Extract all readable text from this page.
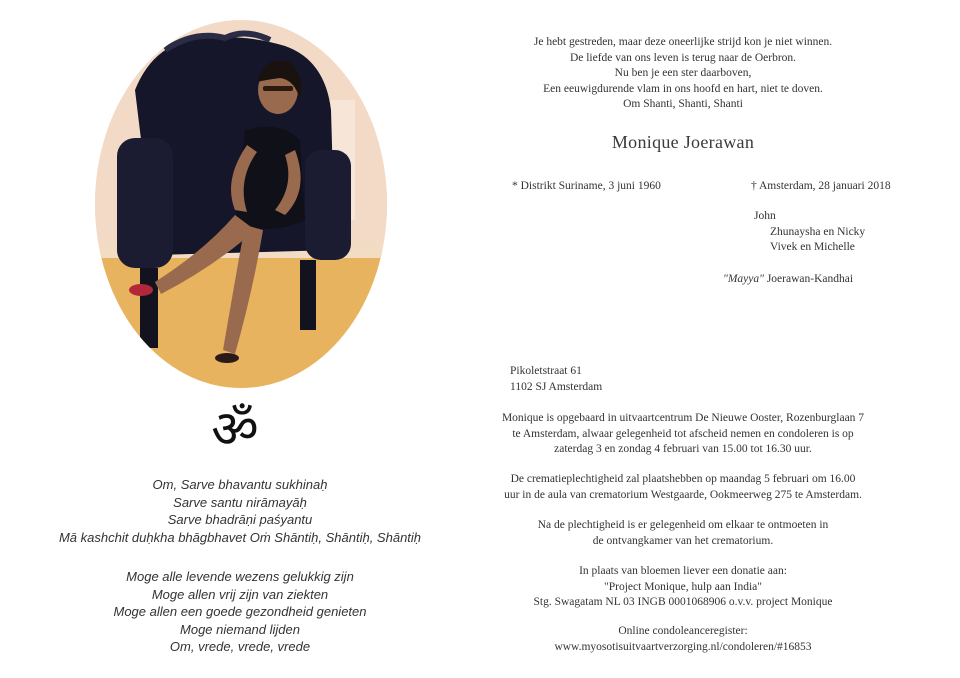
ॐ
Om, Sarve bhavantu sukhinaḥ
Sarve santu nirāmayāḥ
Sarve bhadrāṇi paśyantu
Mā kashchit duḥkha bhāgbhavet Oṁ Shāntiḥ, Shāntiḥ, Shāntiḥ
Moge alle levende wezens gelukkig zijn
Moge allen vrij zijn van ziekten
Moge allen een goede gezondheid genieten
Moge niemand lijden
Om, vrede, vrede, vrede
Je hebt gestreden, maar deze oneerlijke strijd kon je niet winnen.
De liefde van ons leven is terug naar de Oerbron.
Nu ben je een ster daarboven,
Een eeuwigdurende vlam in ons hoofd en hart, niet te doven.
Om Shanti, Shanti, Shanti
Monique Joerawan
* Distrikt Suriname, 3 juni 1960	† Amsterdam, 28 januari 2018
John
Zhunaysha en Nicky
Vivek en Michelle
"Mayya" Joerawan-Kandhai
Pikoletstraat 61
1102 SJ Amsterdam
Monique is opgebaard in uitvaartcentrum De Nieuwe Ooster, Rozenburglaan 7
te Amsterdam, alwaar gelegenheid tot afscheid nemen en condoleren is op
zaterdag 3 en zondag 4 februari van 15.00 tot 16.30 uur.
De crematieplechtigheid zal plaatshebben op maandag 5 februari om 16.00
uur in de aula van crematorium Westgaarde, Ookmeerweg 275 te Amsterdam.
Na de plechtigheid is er gelegenheid om elkaar te ontmoeten in
de ontvangkamer van het crematorium.
In plaats van bloemen liever een donatie aan:
"Project Monique, hulp aan India"
Stg. Swagatam NL 03 INGB 0001068906 o.v.v. project Monique
Online condoleanceregister:
www.myosotisuitvaartverzorging.nl/condoleren/#16853
